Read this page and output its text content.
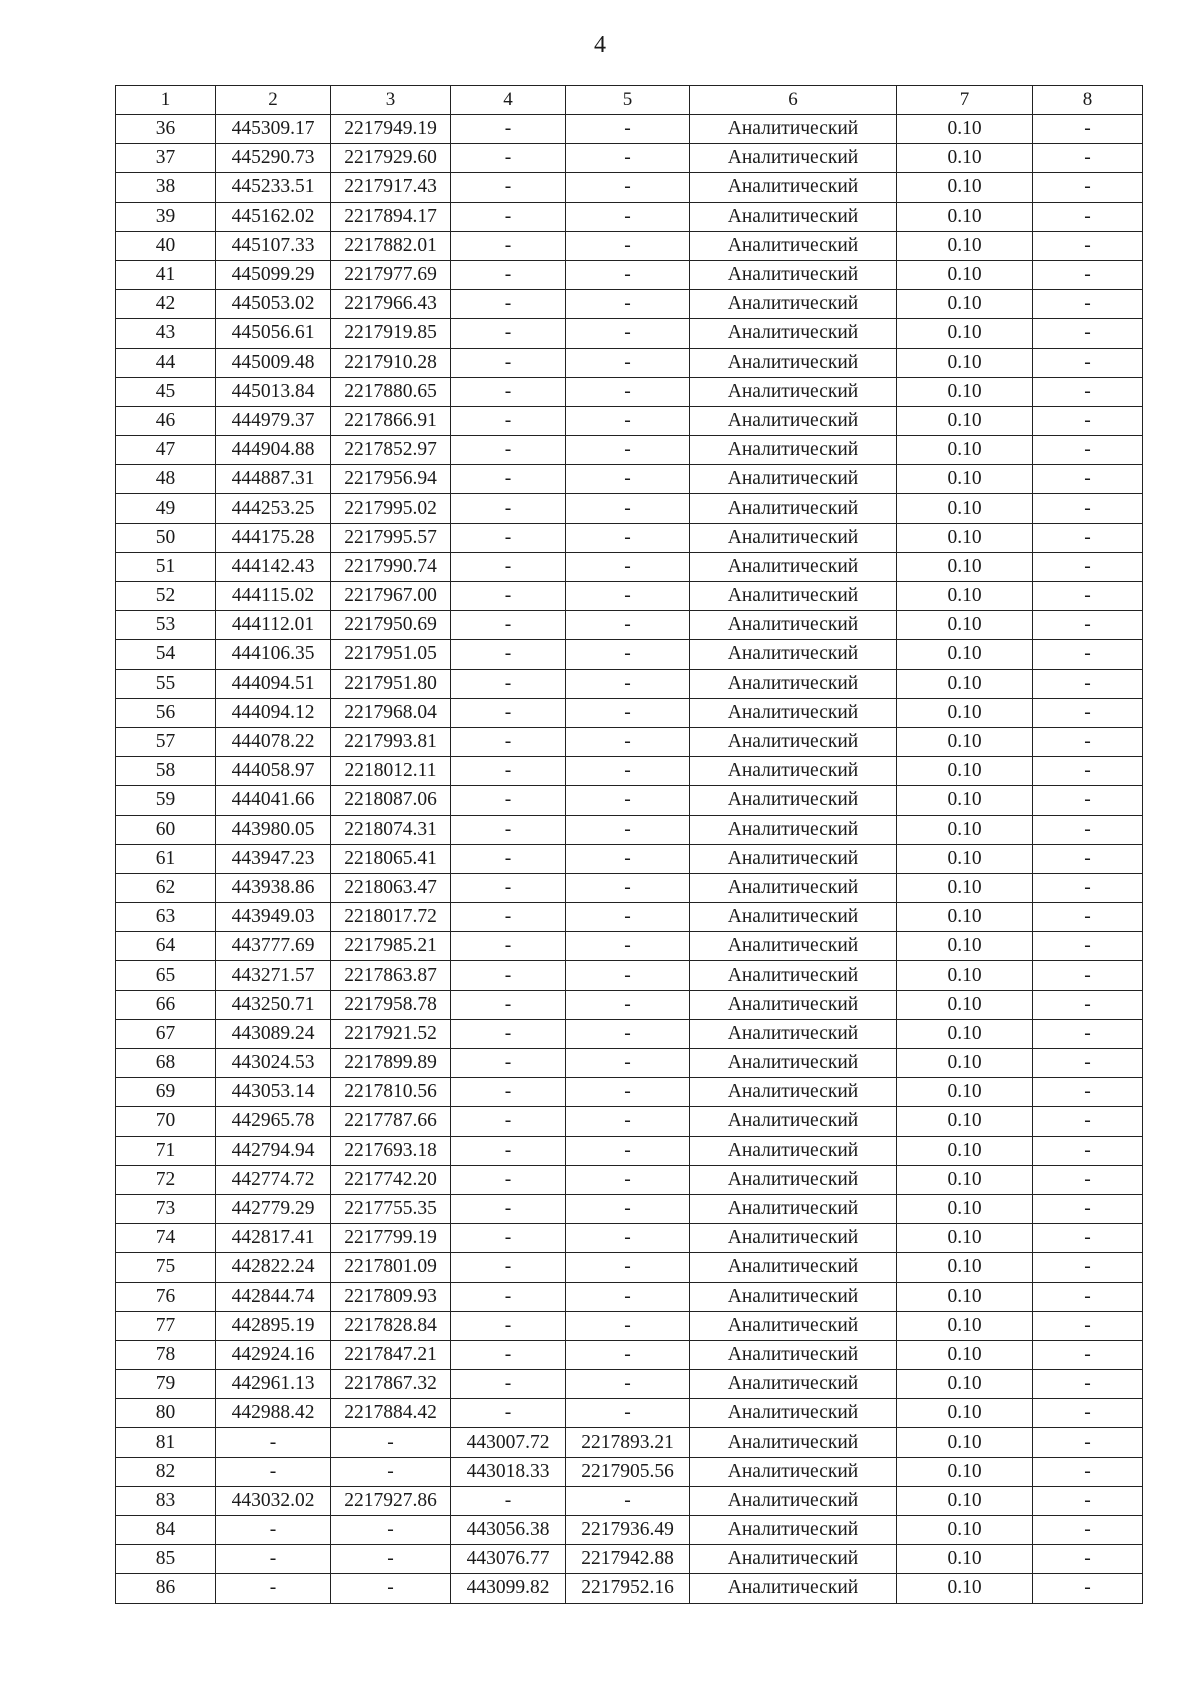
4
1	2	3	4	5	6	7	8
36	445309.17	2217949.19	-	-	Аналитический	0.10	-
37	445290.73	2217929.60	-	-	Аналитический	0.10	-
38	445233.51	2217917.43	-	-	Аналитический	0.10	-
39	445162.02	2217894.17	-	-	Аналитический	0.10	-
40	445107.33	2217882.01	-	-	Аналитический	0.10	-
41	445099.29	2217977.69	-	-	Аналитический	0.10	-
42	445053.02	2217966.43	-	-	Аналитический	0.10	-
43	445056.61	2217919.85	-	-	Аналитический	0.10	-
44	445009.48	2217910.28	-	-	Аналитический	0.10	-
45	445013.84	2217880.65	-	-	Аналитический	0.10	-
46	444979.37	2217866.91	-	-	Аналитический	0.10	-
47	444904.88	2217852.97	-	-	Аналитический	0.10	-
48	444887.31	2217956.94	-	-	Аналитический	0.10	-
49	444253.25	2217995.02	-	-	Аналитический	0.10	-
50	444175.28	2217995.57	-	-	Аналитический	0.10	-
51	444142.43	2217990.74	-	-	Аналитический	0.10	-
52	444115.02	2217967.00	-	-	Аналитический	0.10	-
53	444112.01	2217950.69	-	-	Аналитический	0.10	-
54	444106.35	2217951.05	-	-	Аналитический	0.10	-
55	444094.51	2217951.80	-	-	Аналитический	0.10	-
56	444094.12	2217968.04	-	-	Аналитический	0.10	-
57	444078.22	2217993.81	-	-	Аналитический	0.10	-
58	444058.97	2218012.11	-	-	Аналитический	0.10	-
59	444041.66	2218087.06	-	-	Аналитический	0.10	-
60	443980.05	2218074.31	-	-	Аналитический	0.10	-
61	443947.23	2218065.41	-	-	Аналитический	0.10	-
62	443938.86	2218063.47	-	-	Аналитический	0.10	-
63	443949.03	2218017.72	-	-	Аналитический	0.10	-
64	443777.69	2217985.21	-	-	Аналитический	0.10	-
65	443271.57	2217863.87	-	-	Аналитический	0.10	-
66	443250.71	2217958.78	-	-	Аналитический	0.10	-
67	443089.24	2217921.52	-	-	Аналитический	0.10	-
68	443024.53	2217899.89	-	-	Аналитический	0.10	-
69	443053.14	2217810.56	-	-	Аналитический	0.10	-
70	442965.78	2217787.66	-	-	Аналитический	0.10	-
71	442794.94	2217693.18	-	-	Аналитический	0.10	-
72	442774.72	2217742.20	-	-	Аналитический	0.10	-
73	442779.29	2217755.35	-	-	Аналитический	0.10	-
74	442817.41	2217799.19	-	-	Аналитический	0.10	-
75	442822.24	2217801.09	-	-	Аналитический	0.10	-
76	442844.74	2217809.93	-	-	Аналитический	0.10	-
77	442895.19	2217828.84	-	-	Аналитический	0.10	-
78	442924.16	2217847.21	-	-	Аналитический	0.10	-
79	442961.13	2217867.32	-	-	Аналитический	0.10	-
80	442988.42	2217884.42	-	-	Аналитический	0.10	-
81	-	-	443007.72	2217893.21	Аналитический	0.10	-
82	-	-	443018.33	2217905.56	Аналитический	0.10	-
83	443032.02	2217927.86	-	-	Аналитический	0.10	-
84	-	-	443056.38	2217936.49	Аналитический	0.10	-
85	-	-	443076.77	2217942.88	Аналитический	0.10	-
86	-	-	443099.82	2217952.16	Аналитический	0.10	-
